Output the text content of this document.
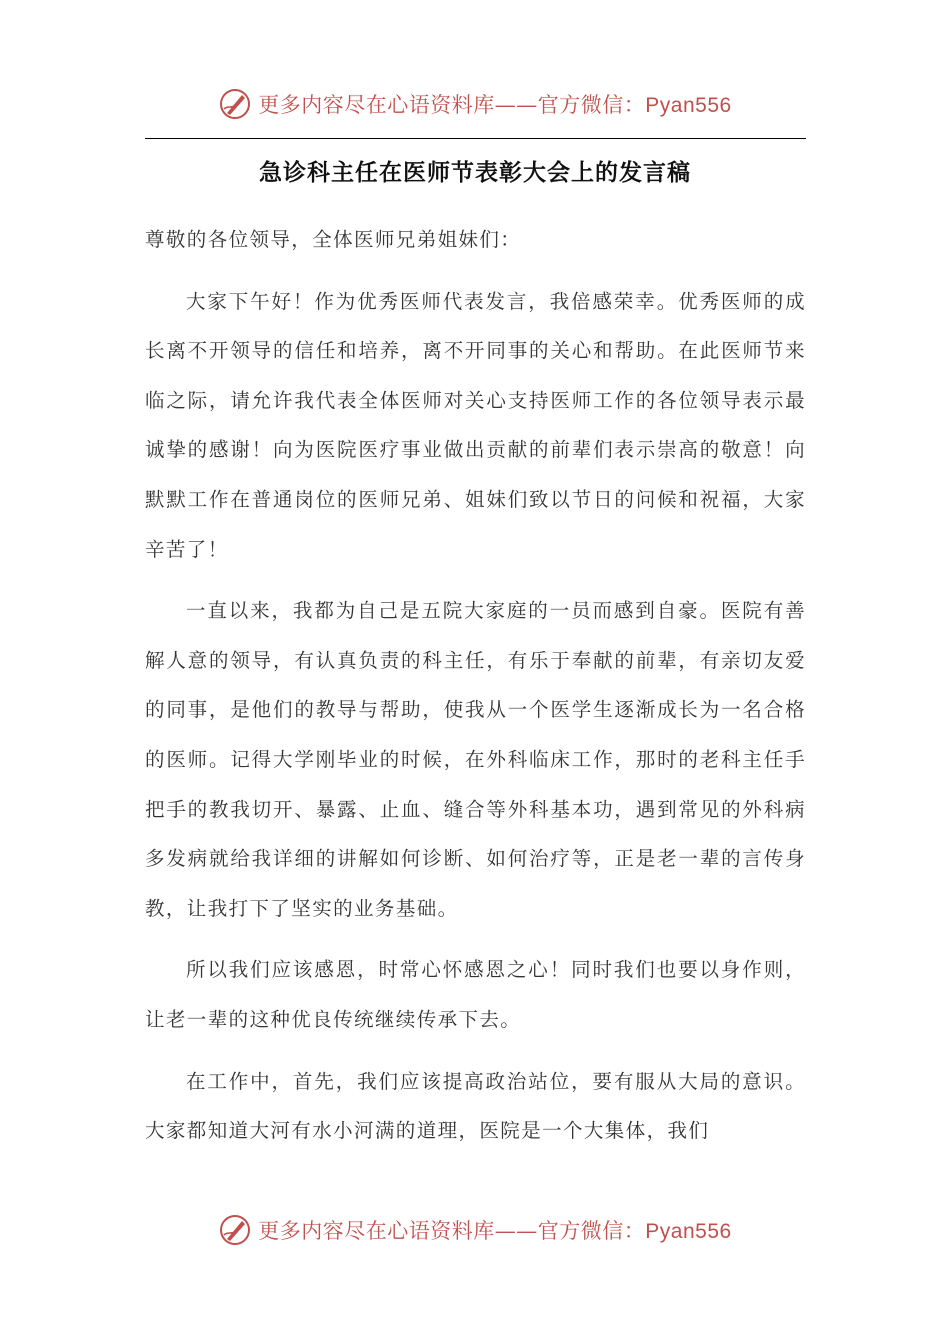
更多内容尽在心语资料库——官方微信：Pyan556
急诊科主任在医师节表彰大会上的发言稿

尊敬的各位领导，全体医师兄弟姐妹们：

大家下午好！作为优秀医师代表发言，我倍感荣幸。优秀医师的成长离不开领导的信任和培养，离不开同事的关心和帮助。在此医师节来临之际，请允许我代表全体医师对关心支持医师工作的各位领导表示最诚挚的感谢！向为医院医疗事业做出贡献的前辈们表示崇高的敬意！向默默工作在普通岗位的医师兄弟、姐妹们致以节日的问候和祝福，大家辛苦了！

一直以来，我都为自己是五院大家庭的一员而感到自豪。医院有善解人意的领导，有认真负责的科主任，有乐于奉献的前辈，有亲切友爱的同事，是他们的教导与帮助，使我从一个医学生逐渐成长为一名合格的医师。记得大学刚毕业的时候，在外科临床工作，那时的老科主任手把手的教我切开、暴露、止血、缝合等外科基本功，遇到常见的外科病多发病就给我详细的讲解如何诊断、如何治疗等，正是老一辈的言传身教，让我打下了坚实的业务基础。

所以我们应该感恩，时常心怀感恩之心！同时我们也要以身作则，让老一辈的这种优良传统继续传承下去。

在工作中，首先，我们应该提高政治站位，要有服从大局的意识。大家都知道大河有水小河满的道理，医院是一个大集体，我们

更多内容尽在心语资料库——官方微信：Pyan556
